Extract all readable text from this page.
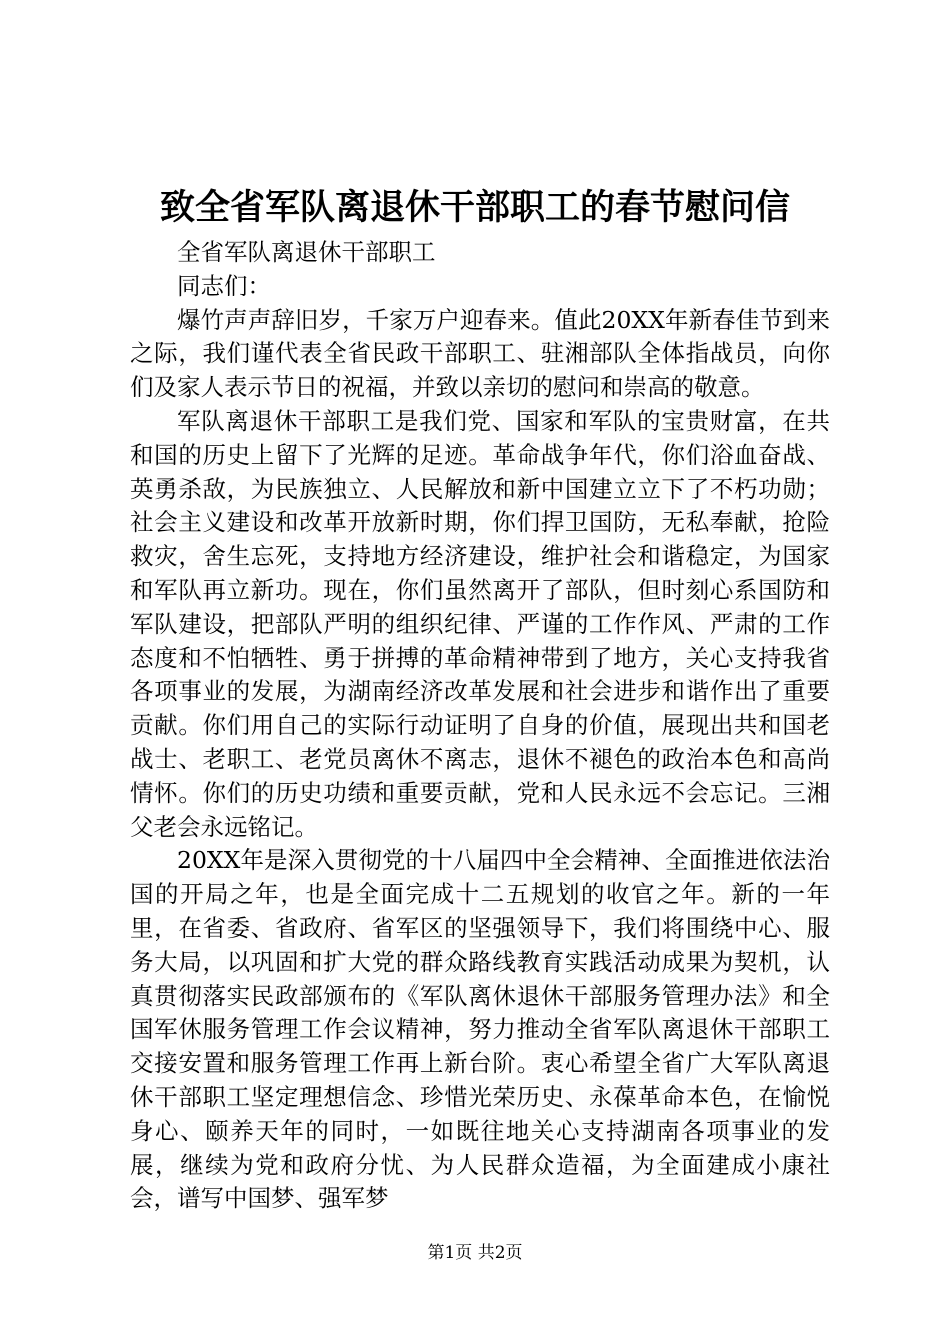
致全省军队离退休干部职工的春节慰问信

全省军队离退休干部职工

同志们：

爆竹声声辞旧岁，千家万户迎春来。值此20XX年新春佳节到来之际，我们谨代表全省民政干部职工、驻湘部队全体指战员，向你们及家人表示节日的祝福，并致以亲切的慰问和崇高的敬意。

军队离退休干部职工是我们党、国家和军队的宝贵财富，在共和国的历史上留下了光辉的足迹。革命战争年代，你们浴血奋战、英勇杀敌，为民族独立、人民解放和新中国建立立下了不朽功勋；社会主义建设和改革开放新时期，你们捍卫国防，无私奉献，抢险救灾，舍生忘死，支持地方经济建设，维护社会和谐稳定，为国家和军队再立新功。现在，你们虽然离开了部队，但时刻心系国防和军队建设，把部队严明的组织纪律、严谨的工作作风、严肃的工作态度和不怕牺牲、勇于拼搏的革命精神带到了地方，关心支持我省各项事业的发展，为湖南经济改革发展和社会进步和谐作出了重要贡献。你们用自己的实际行动证明了自身的价值，展现出共和国老战士、老职工、老党员离休不离志，退休不褪色的政治本色和高尚情怀。你们的历史功绩和重要贡献，党和人民永远不会忘记。三湘父老会永远铭记。

20XX年是深入贯彻党的十八届四中全会精神、全面推进依法治国的开局之年，也是全面完成十二五规划的收官之年。新的一年里，在省委、省政府、省军区的坚强领导下，我们将围绕中心、服务大局，以巩固和扩大党的群众路线教育实践活动成果为契机，认真贯彻落实民政部颁布的《军队离休退休干部服务管理办法》和全国军休服务管理工作会议精神，努力推动全省军队离退休干部职工交接安置和服务管理工作再上新台阶。衷心希望全省广大军队离退休干部职工坚定理想信念、珍惜光荣历史、永葆革命本色，在愉悦身心、颐养天年的同时，一如既往地关心支持湖南各项事业的发展，继续为党和政府分忧、为人民群众造福，为全面建成小康社会，谱写中国梦、强军梦

第1页 共2页
